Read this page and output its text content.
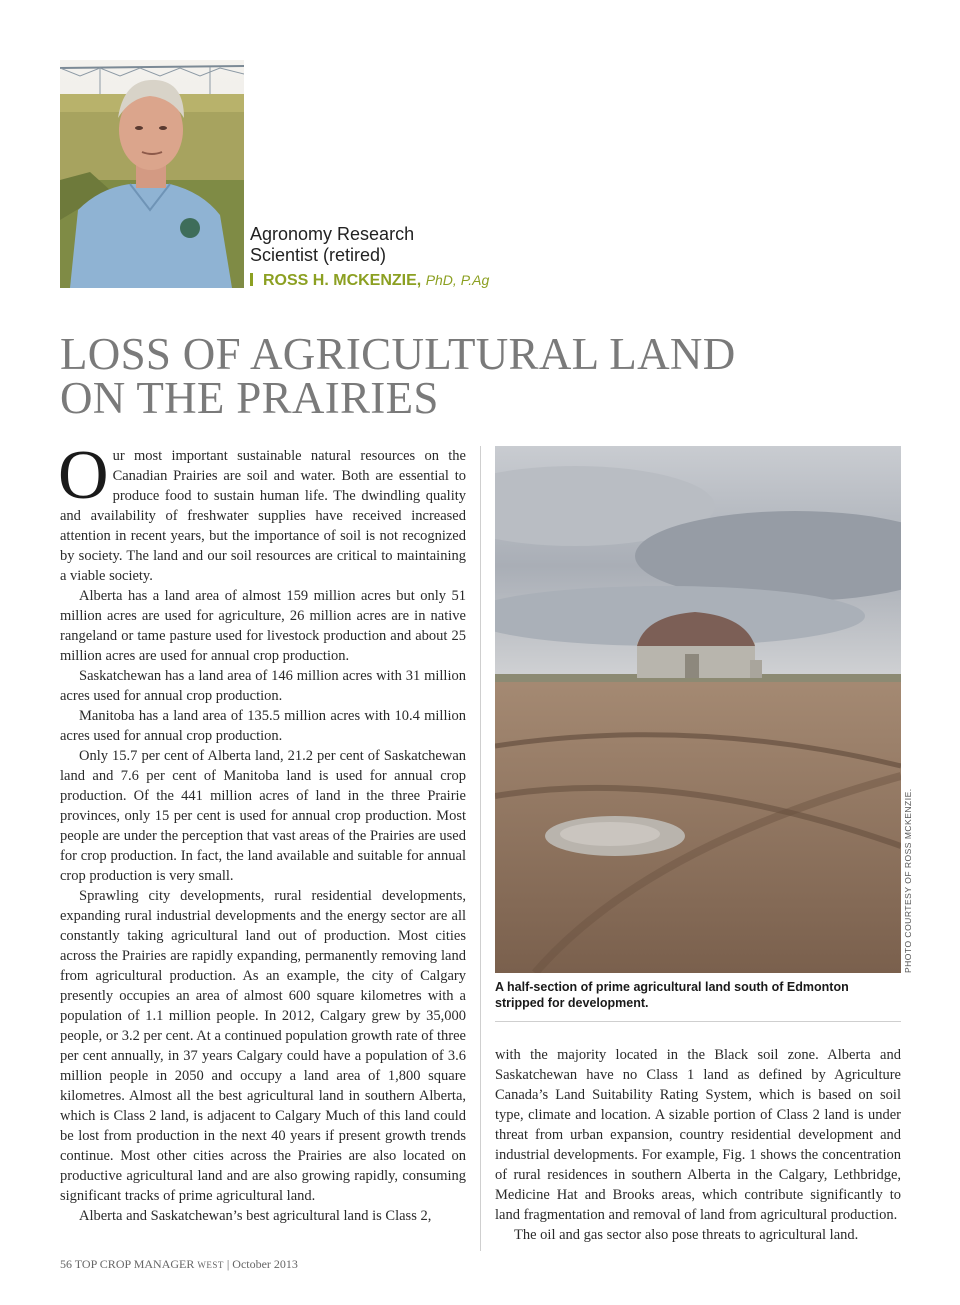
Agronomy Research
Scientist (retired)
ROSS H. MCKENZIE, PhD, P.Ag
LOSS OF AGRICULTURAL LAND
ON THE PRAIRIES

Our most important sustainable natural resources on the Canadian Prairies are soil and water. Both are essential to produce food to sustain human life. The dwindling quality and availability of freshwater supplies have received increased attention in recent years, but the importance of soil is not recognized by society. The land and our soil resources are critical to maintaining a viable society.

Alberta has a land area of almost 159 million acres but only 51 million acres are used for agriculture, 26 million acres are in native rangeland or tame pasture used for livestock production and about 25 million acres are used for annual crop production.

Saskatchewan has a land area of 146 million acres with 31 million acres used for annual crop production.

Manitoba has a land area of 135.5 million acres with 10.4 million acres used for annual crop production.

Only 15.7 per cent of Alberta land, 21.2 per cent of Saskatchewan land and 7.6 per cent of Manitoba land is used for annual crop production. Of the 441 million acres of land in the three Prairie provinces, only 15 per cent is used for annual crop production. Most people are under the perception that vast areas of the Prairies are used for crop production. In fact, the land available and suitable for annual crop production is very small.

Sprawling city developments, rural residential developments, expanding rural industrial developments and the energy sector are all constantly taking agricultural land out of production. Most cities across the Prairies are rapidly expanding, permanently removing land from agricultural production. As an example, the city of Calgary presently occupies an area of almost 600 square kilometres with a population of 1.1 million people. In 2012, Calgary grew by 35,000 people, or 3.2 per cent. At a continued population growth rate of three per cent annually, in 37 years Calgary could have a population of 3.6 million people in 2050 and occupy a land area of 1,800 square kilometres. Almost all the best agricultural land in southern Alberta, which is Class 2 land, is adjacent to Calgary Much of this land could be lost from production in the next 40 years if present growth trends continue. Most other cities across the Prairies are also located on productive agricultural land and are also growing rapidly, consuming significant tracks of prime agricultural land.

Alberta and Saskatchewan’s best agricultural land is Class 2,

PHOTO COURTESY OF ROSS MCKENZIE.
A half-section of prime agricultural land south of Edmonton stripped for development.

with the majority located in the Black soil zone. Alberta and Saskatchewan have no Class 1 land as defined by Agriculture Canada’s Land Suitability Rating System, which is based on soil type, climate and location. A sizable portion of Class 2 land is under threat from urban expansion, country residential development and industrial developments. For example, Fig. 1 shows the concentration of rural residences in southern Alberta in the Calgary, Lethbridge, Medicine Hat and Brooks areas, which contribute significantly to land fragmentation and removal of land from agricultural production.

The oil and gas sector also pose threats to agricultural land.

56 TOP CROP MANAGER WEST | October 2013
